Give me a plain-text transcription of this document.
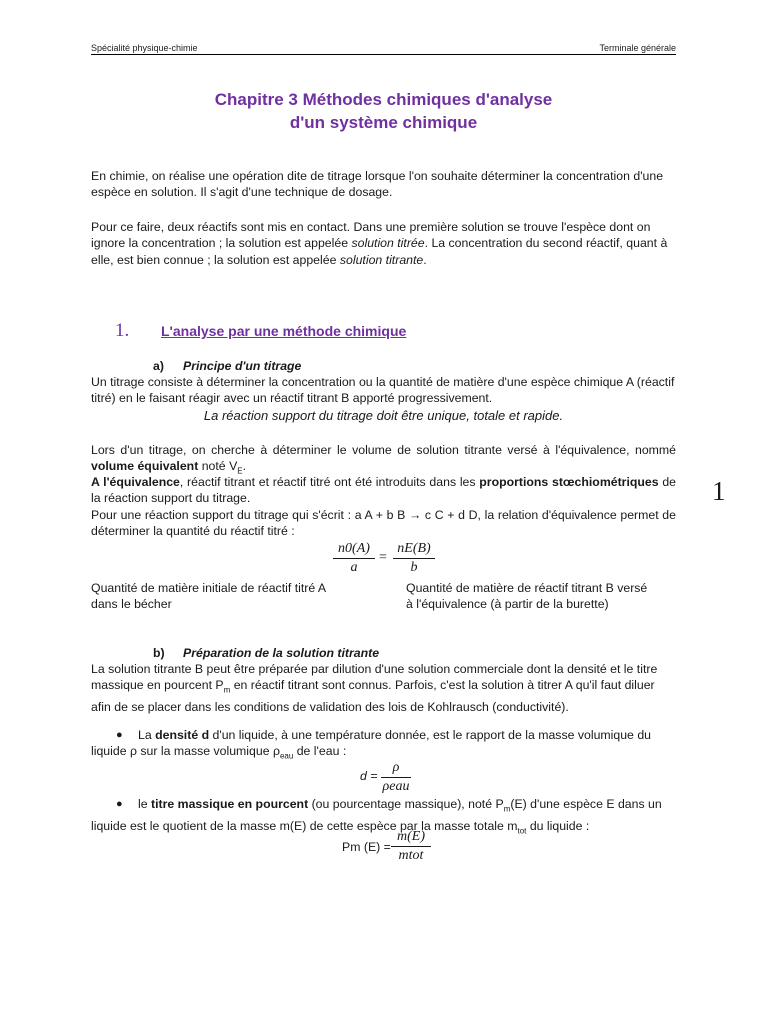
Spécialité physique-chimie	Terminale générale
Chapitre 3 Méthodes chimiques d'analyse
d'un système chimique
En chimie, on réalise une opération dite de titrage lorsque l'on souhaite déterminer la concentration d'une espèce en solution. Il s'agit d'une technique de dosage.
Pour ce faire, deux réactifs sont mis en contact. Dans une première solution se trouve l'espèce dont on ignore la concentration ; la solution est appelée solution titrée. La concentration du second réactif, quant à elle, est bien connue ; la solution est appelée solution titrante.
1. L'analyse par une méthode chimique
a) Principe d'un titrage
Un titrage consiste à déterminer la concentration ou la quantité de matière d'une espèce chimique A (réactif titré) en le faisant réagir avec un réactif titrant B apporté progressivement.
La réaction support du titrage doit être unique, totale et rapide.
Lors d'un titrage, on cherche à déterminer le volume de solution titrante versé à l'équivalence, nommé volume équivalent noté $V_E$.
A l'équivalence, réactif titrant et réactif titré ont été introduits dans les proportions stœchiométriques de la réaction support du titrage.
Pour une réaction support du titrage qui s'écrit : a A + b B → c C + d D, la relation d'équivalence permet de déterminer la quantité du réactif titré :
n0(A)
a
=
nE(B)
b
Quantité de matière initiale de réactif titré A
dans le bécher
Quantité de matière de réactif titrant B versé
à l'équivalence (à partir de la burette)
1
b) Préparation de la solution titrante
La solution titrante B peut être préparée par dilution d'une solution commerciale dont la densité et le titre massique en pourcent $P_m$ en réactif titrant sont connus. Parfois, c'est la solution à titrer A qu'il faut diluer afin de se placer dans les conditions de validation des lois de Kohlrausch (conductivité).
●	La densité d d'un liquide, à une température donnée, est le rapport de la masse volumique du liquide ρ sur la masse volumique $\rho_{eau}$ de l'eau :
d =
ρ
ρeau
●	le titre massique en pourcent (ou pourcentage massique), noté $P_m(E)$ d'une espèce E dans un liquide est le quotient de la masse m(E) de cette espèce par la masse totale $m_{tot}$ du liquide :
Pm (E) =
m(E)
mtot
